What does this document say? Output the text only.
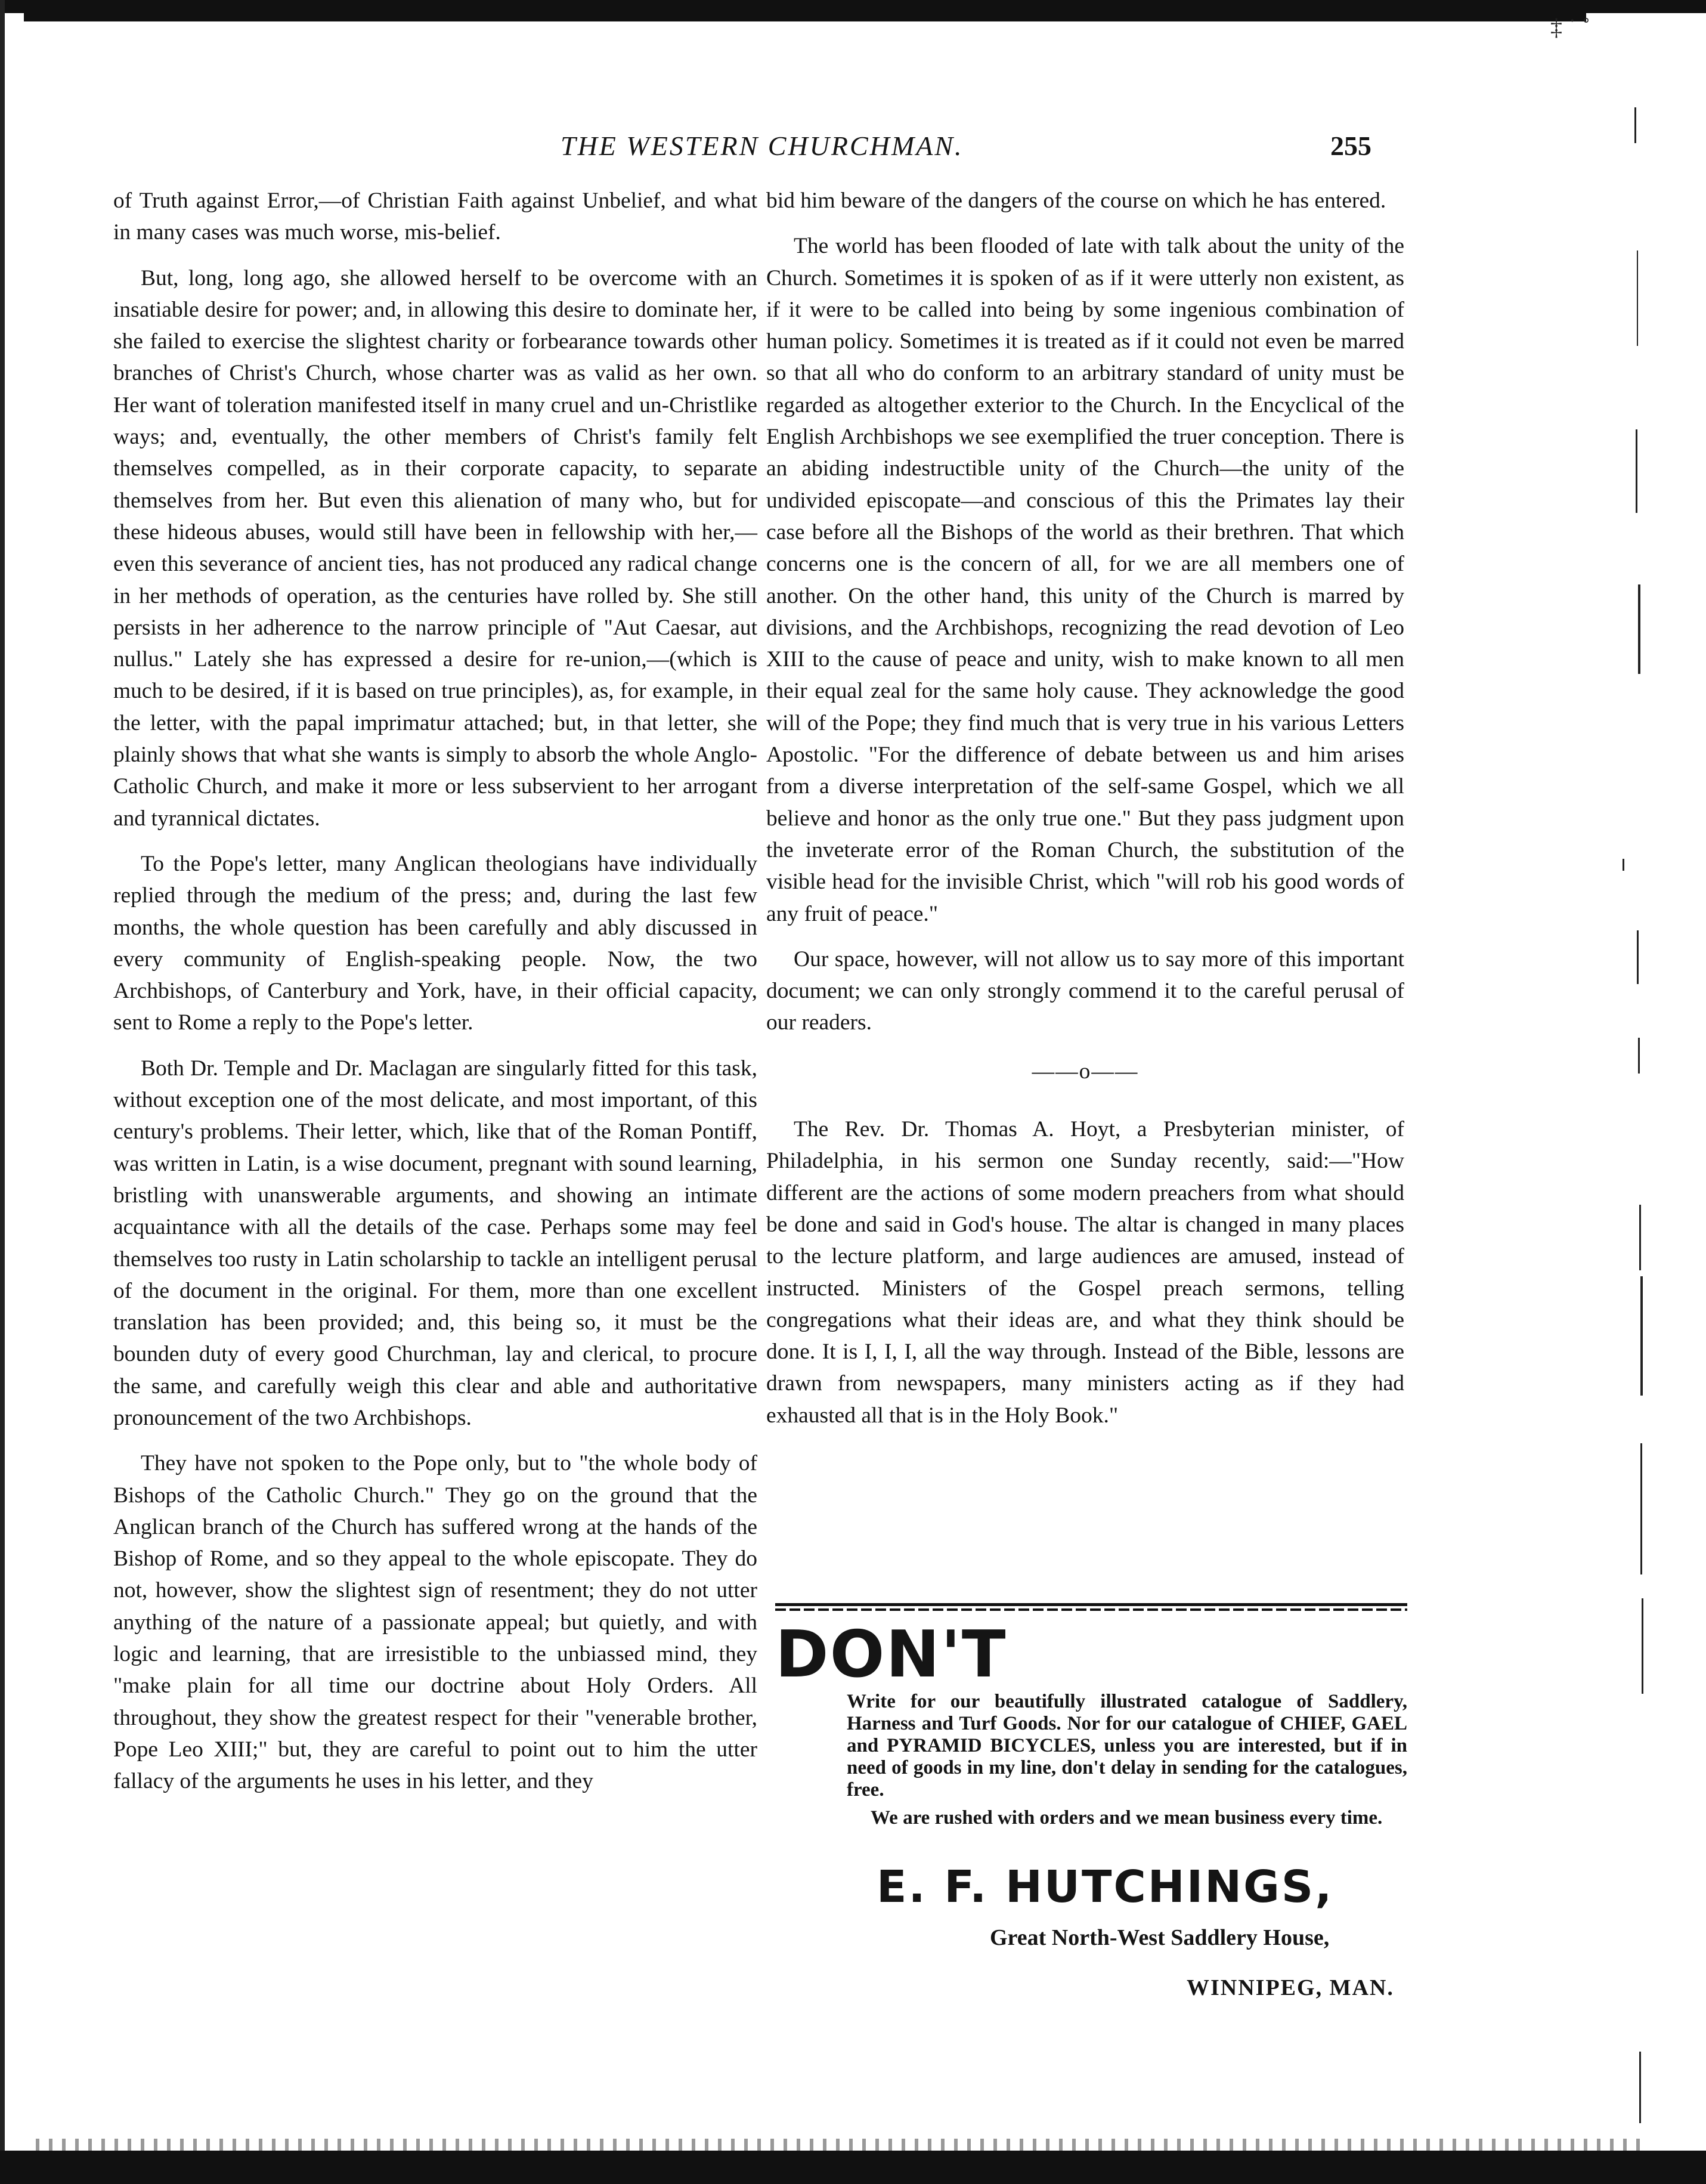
‡ ˙ ˚
THE WESTERN CHURCHMAN.	255

of Truth against Error,—of Christian Faith against Unbelief, and what in many cases was much worse, mis-belief.

But, long, long ago, she allowed herself to be overcome with an insatiable desire for power; and, in allowing this desire to dominate her, she failed to exercise the slightest charity or forbearance towards other branches of Christ's Church, whose charter was as valid as her own. Her want of toleration manifested itself in many cruel and un-Christlike ways; and, eventually, the other members of Christ's family felt themselves compelled, as in their corporate capacity, to separate themselves from her. But even this alienation of many who, but for these hideous abuses, would still have been in fellowship with her,—even this severance of ancient ties, has not produced any radical change in her methods of operation, as the centuries have rolled by. She still persists in her adherence to the narrow principle of "Aut Caesar, aut nullus." Lately she has expressed a desire for re-union,—(which is much to be desired, if it is based on true principles), as, for example, in the letter, with the papal imprimatur attached; but, in that letter, she plainly shows that what she wants is simply to absorb the whole Anglo-Catholic Church, and make it more or less subservient to her arrogant and tyrannical dictates.

To the Pope's letter, many Anglican theologians have individually replied through the medium of the press; and, during the last few months, the whole question has been carefully and ably discussed in every community of English-speaking people. Now, the two Archbishops, of Canterbury and York, have, in their official capacity, sent to Rome a reply to the Pope's letter.

Both Dr. Temple and Dr. Maclagan are singularly fitted for this task, without exception one of the most delicate, and most important, of this century's problems. Their letter, which, like that of the Roman Pontiff, was written in Latin, is a wise document, pregnant with sound learning, bristling with unanswerable arguments, and showing an intimate acquaintance with all the details of the case. Perhaps some may feel themselves too rusty in Latin scholarship to tackle an intelligent perusal of the document in the original. For them, more than one excellent translation has been provided; and, this being so, it must be the bounden duty of every good Churchman, lay and clerical, to procure the same, and carefully weigh this clear and able and authoritative pronouncement of the two Archbishops.

They have not spoken to the Pope only, but to "the whole body of Bishops of the Catholic Church." They go on the ground that the Anglican branch of the Church has suffered wrong at the hands of the Bishop of Rome, and so they appeal to the whole episcopate. They do not, however, show the slightest sign of resentment; they do not utter anything of the nature of a passionate appeal; but quietly, and with logic and learning, that are irresistible to the unbiassed mind, they "make plain for all time our doctrine about Holy Orders. All throughout, they show the greatest respect for their "venerable brother, Pope Leo XIII;" but, they are careful to point out to him the utter fallacy of the arguments he uses in his letter, and they

bid him beware of the dangers of the course on which he has entered.

The world has been flooded of late with talk about the unity of the Church. Sometimes it is spoken of as if it were utterly non existent, as if it were to be called into being by some ingenious combination of human policy. Sometimes it is treated as if it could not even be marred so that all who do conform to an arbitrary standard of unity must be regarded as altogether exterior to the Church. In the Encyclical of the English Archbishops we see exemplified the truer conception. There is an abiding indestructible unity of the Church—the unity of the undivided episcopate—and conscious of this the Primates lay their case before all the Bishops of the world as their brethren. That which concerns one is the concern of all, for we are all members one of another. On the other hand, this unity of the Church is marred by divisions, and the Archbishops, recognizing the read devotion of Leo XIII to the cause of peace and unity, wish to make known to all men their equal zeal for the same holy cause. They acknowledge the good will of the Pope; they find much that is very true in his various Letters Apostolic. "For the difference of debate between us and him arises from a diverse interpretation of the self-same Gospel, which we all believe and honor as the only true one." But they pass judgment upon the inveterate error of the Roman Church, the substitution of the visible head for the invisible Christ, which "will rob his good words of any fruit of peace."

Our space, however, will not allow us to say more of this important document; we can only strongly commend it to the careful perusal of our readers.

——o——

The Rev. Dr. Thomas A. Hoyt, a Presbyterian minister, of Philadelphia, in his sermon one Sunday recently, said:—"How different are the actions of some modern preachers from what should be done and said in God's house. The altar is changed in many places to the lecture platform, and large audiences are amused, instead of instructed. Ministers of the Gospel preach sermons, telling congregations what their ideas are, and what they think should be done. It is I, I, I, all the way through. Instead of the Bible, lessons are drawn from newspapers, many ministers acting as if they had exhausted all that is in the Holy Book."

DON'T

Write for our beautifully illustrated catalogue of Saddlery, Harness and Turf Goods. Nor for our catalogue of CHIEF, GAEL and PYRAMID BICYCLES, unless you are interested, but if in need of goods in my line, don't delay in sending for the catalogues, free.

We are rushed with orders and we mean business every time.

E. F. HUTCHINGS,
Great North-West Saddlery House,
WINNIPEG, MAN.
